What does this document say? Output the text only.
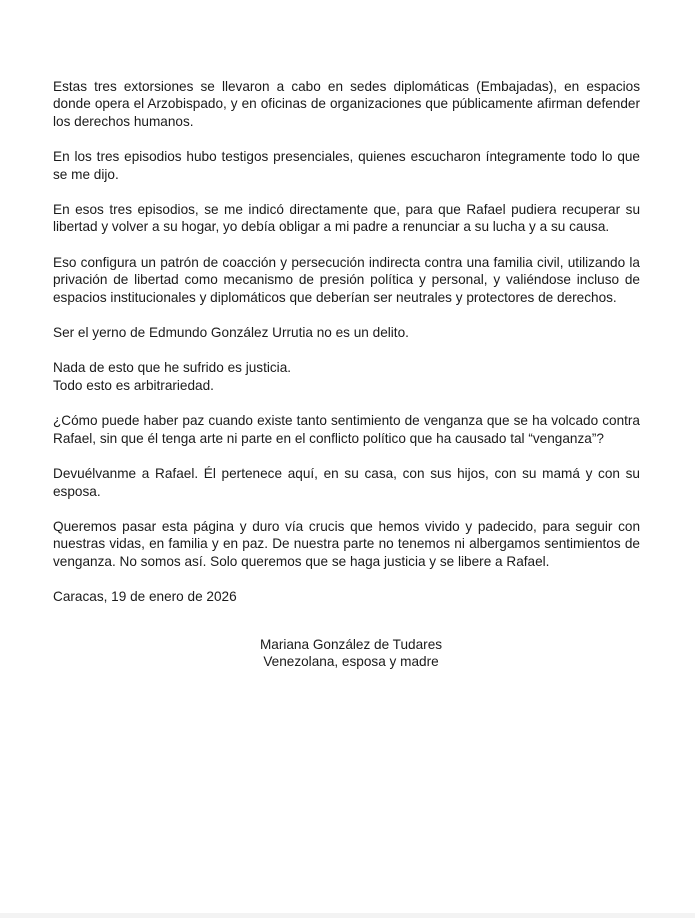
Estas tres extorsiones se llevaron a cabo en sedes diplomáticas (Embajadas), en espacios donde opera el Arzobispado, y en oficinas de organizaciones que públicamente afirman defender los derechos humanos.

En los tres episodios hubo testigos presenciales, quienes escucharon íntegramente todo lo que se me dijo.

En esos tres episodios, se me indicó directamente que, para que Rafael pudiera recuperar su libertad y volver a su hogar, yo debía obligar a mi padre a renunciar a su lucha y a su causa.

Eso configura un patrón de coacción y persecución indirecta contra una familia civil, utilizando la privación de libertad como mecanismo de presión política y personal, y valiéndose incluso de espacios institucionales y diplomáticos que deberían ser neutrales y protectores de derechos.

Ser el yerno de Edmundo González Urrutia no es un delito.

Nada de esto que he sufrido es justicia.
Todo esto es arbitrariedad.

¿Cómo puede haber paz cuando existe tanto sentimiento de venganza que se ha volcado contra Rafael, sin que él tenga arte ni parte en el conflicto político que ha causado tal “venganza”?

Devuélvanme a Rafael. Él pertenece aquí, en su casa, con sus hijos, con su mamá y con su esposa.

Queremos pasar esta página y duro vía crucis que hemos vivido y padecido, para seguir con nuestras vidas, en familia y en paz. De nuestra parte no tenemos ni albergamos sentimientos de venganza. No somos así. Solo queremos que se haga justicia y se libere a Rafael.

Caracas, 19 de enero de 2026

Mariana González de Tudares
Venezolana, esposa y madre
